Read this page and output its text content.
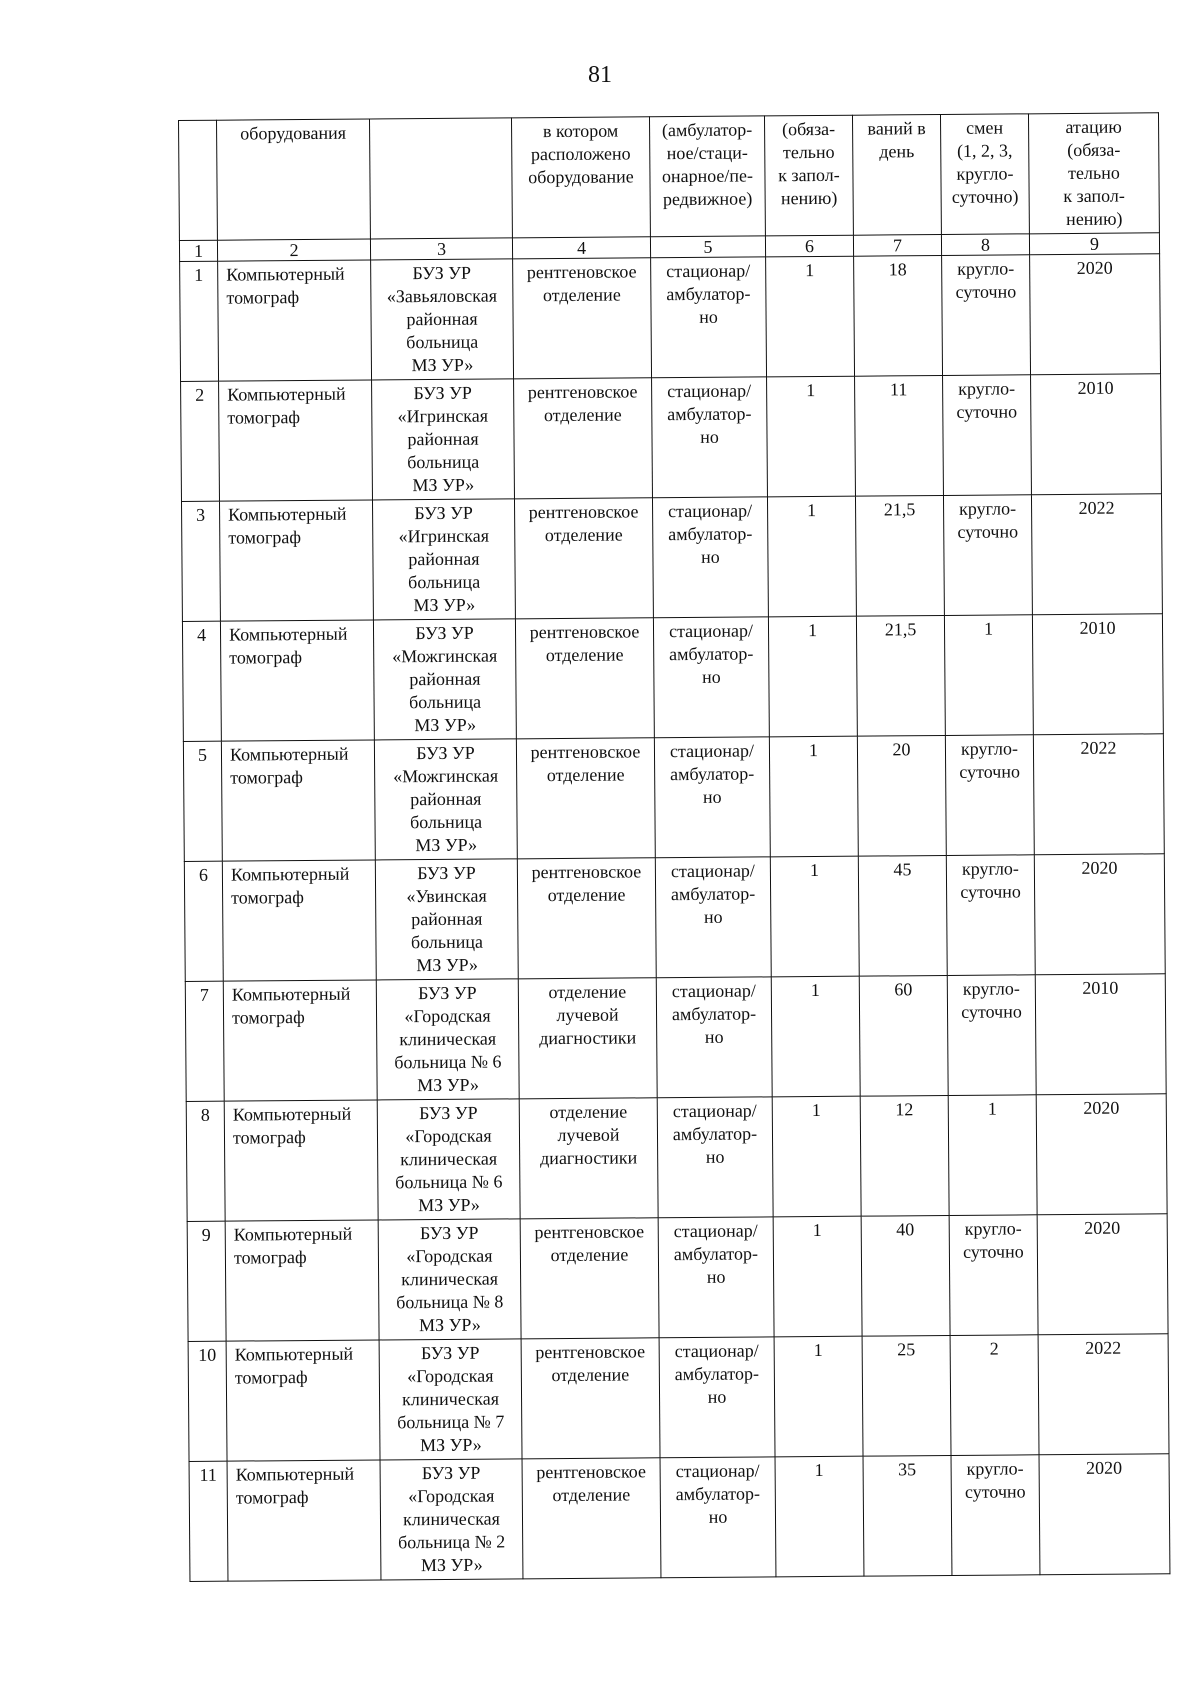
81
	оборудования		в котором
расположено
оборудование	(амбулатор-
ное/стаци-
онарное/пе-
редвижное)	(обяза-
тельно
к запол-
нению)	ваний в
день	смен
(1, 2, 3,
кругло-
суточно)	атацию
(обяза-
тельно
к запол-
нению)
1	2	3	4	5	6	7	8	9
1	Компьютерный
томограф	БУЗ УР
«Завьяловская
районная
больница
МЗ УР»	рентгеновское
отделение	стационар/
амбулатор-
но	1	18	кругло-
суточно	2020
2	Компьютерный
томограф	БУЗ УР
«Игринская
районная
больница
МЗ УР»	рентгеновское
отделение	стационар/
амбулатор-
но	1	11	кругло-
суточно	2010
3	Компьютерный
томограф	БУЗ УР
«Игринская
районная
больница
МЗ УР»	рентгеновское
отделение	стационар/
амбулатор-
но	1	21,5	кругло-
суточно	2022
4	Компьютерный
томограф	БУЗ УР
«Можгинская
районная
больница
МЗ УР»	рентгеновское
отделение	стационар/
амбулатор-
но	1	21,5	1	2010
5	Компьютерный
томограф	БУЗ УР
«Можгинская
районная
больница
МЗ УР»	рентгеновское
отделение	стационар/
амбулатор-
но	1	20	кругло-
суточно	2022
6	Компьютерный
томограф	БУЗ УР
«Увинская
районная
больница
МЗ УР»	рентгеновское
отделение	стационар/
амбулатор-
но	1	45	кругло-
суточно	2020
7	Компьютерный
томограф	БУЗ УР
«Городская
клиническая
больница № 6
МЗ УР»	отделение
лучевой
диагностики	стационар/
амбулатор-
но	1	60	кругло-
суточно	2010
8	Компьютерный
томограф	БУЗ УР
«Городская
клиническая
больница № 6
МЗ УР»	отделение
лучевой
диагностики	стационар/
амбулатор-
но	1	12	1	2020
9	Компьютерный
томограф	БУЗ УР
«Городская
клиническая
больница № 8
МЗ УР»	рентгеновское
отделение	стационар/
амбулатор-
но	1	40	кругло-
суточно	2020
10	Компьютерный
томограф	БУЗ УР
«Городская
клиническая
больница № 7
МЗ УР»	рентгеновское
отделение	стационар/
амбулатор-
но	1	25	2	2022
11	Компьютерный
томограф	БУЗ УР
«Городская
клиническая
больница № 2
МЗ УР»	рентгеновское
отделение	стационар/
амбулатор-
но	1	35	кругло-
суточно	2020
